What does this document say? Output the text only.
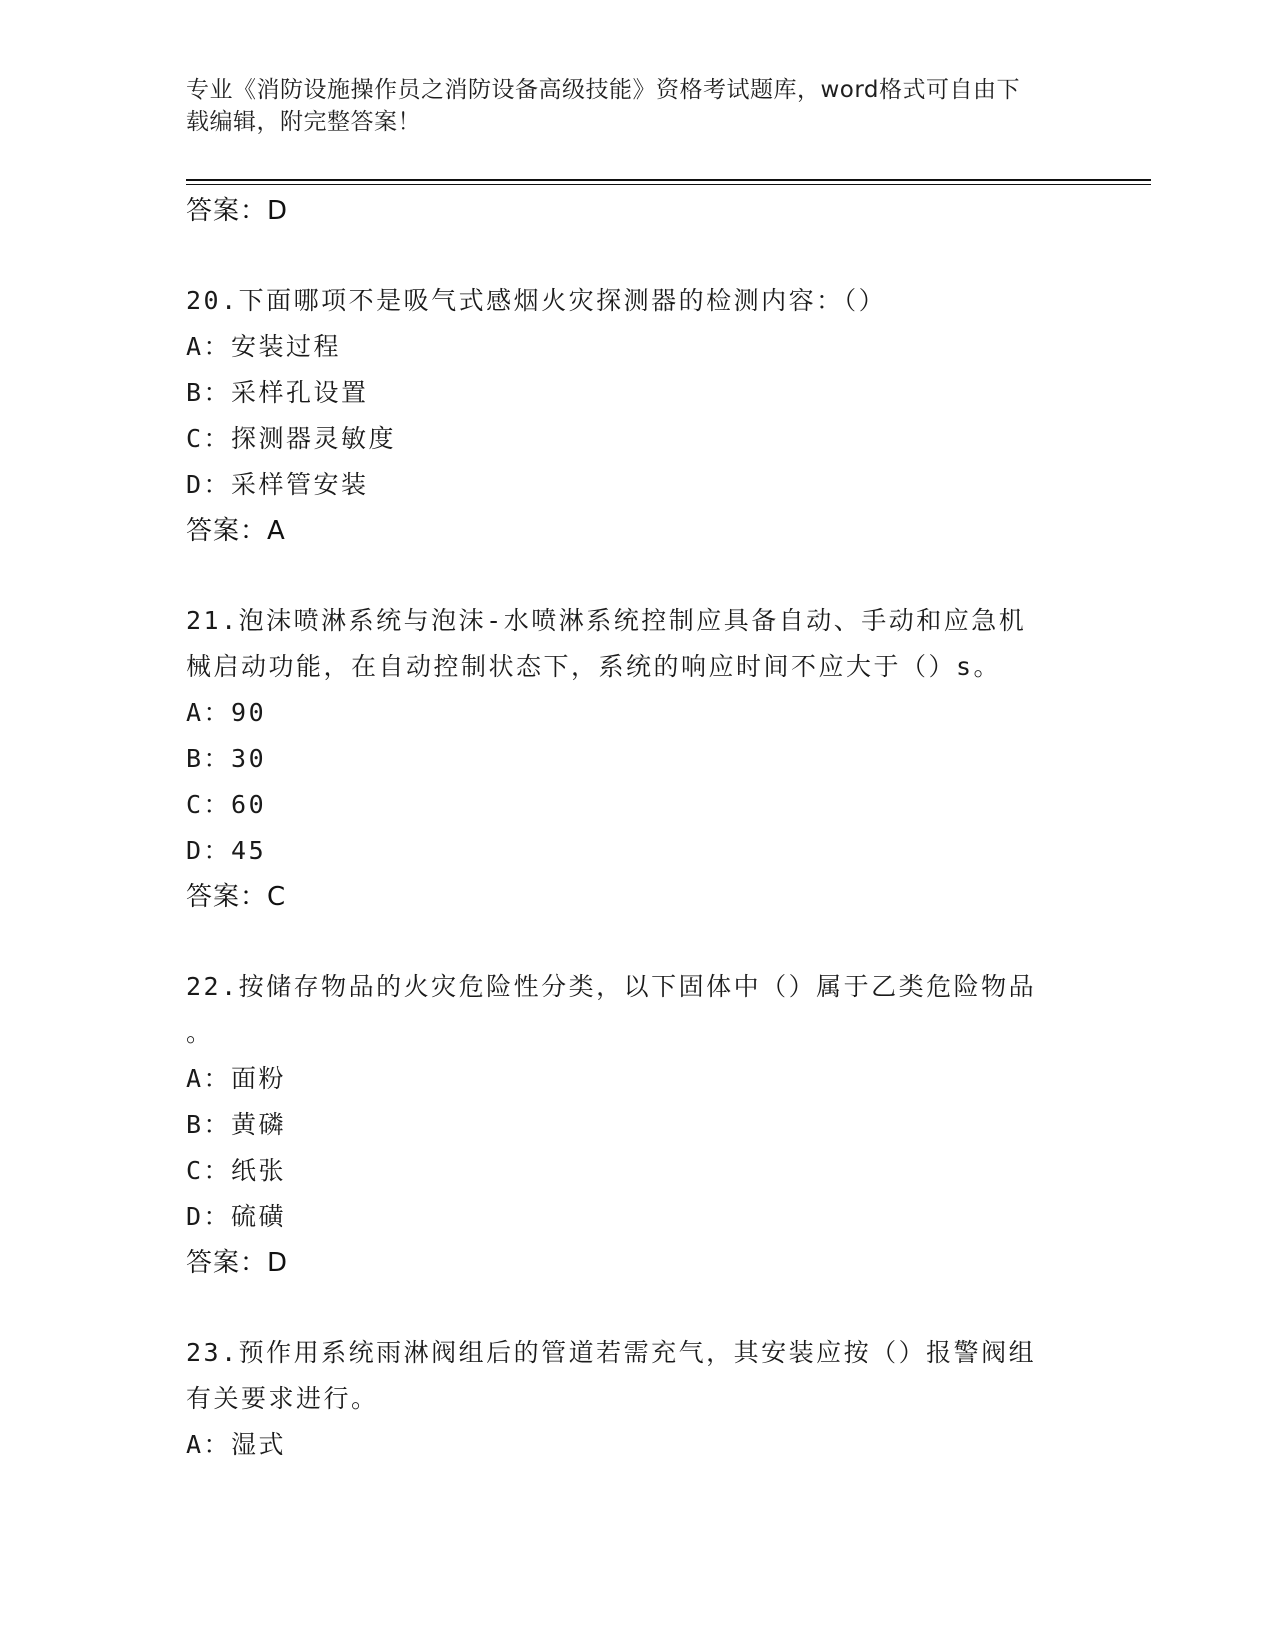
专业《消防设施操作员之消防设备高级技能》资格考试题库，word格式可自由下
载编辑，附完整答案！
答案：D
20.下面哪项不是吸气式感烟火灾探测器的检测内容：（）
A：安装过程
B：采样孔设置
C：探测器灵敏度
D：采样管安装
答案：A
21.泡沫喷淋系统与泡沫-水喷淋系统控制应具备自动、手动和应急机
械启动功能，在自动控制状态下，系统的响应时间不应大于（）s。
A：90
B：30
C：60
D：45
答案：C
22.按储存物品的火灾危险性分类，以下固体中（）属于乙类危险物品
。
A：面粉
B：黄磷
C：纸张
D：硫磺
答案：D
23.预作用系统雨淋阀组后的管道若需充气，其安装应按（）报警阀组
有关要求进行。
A：湿式
